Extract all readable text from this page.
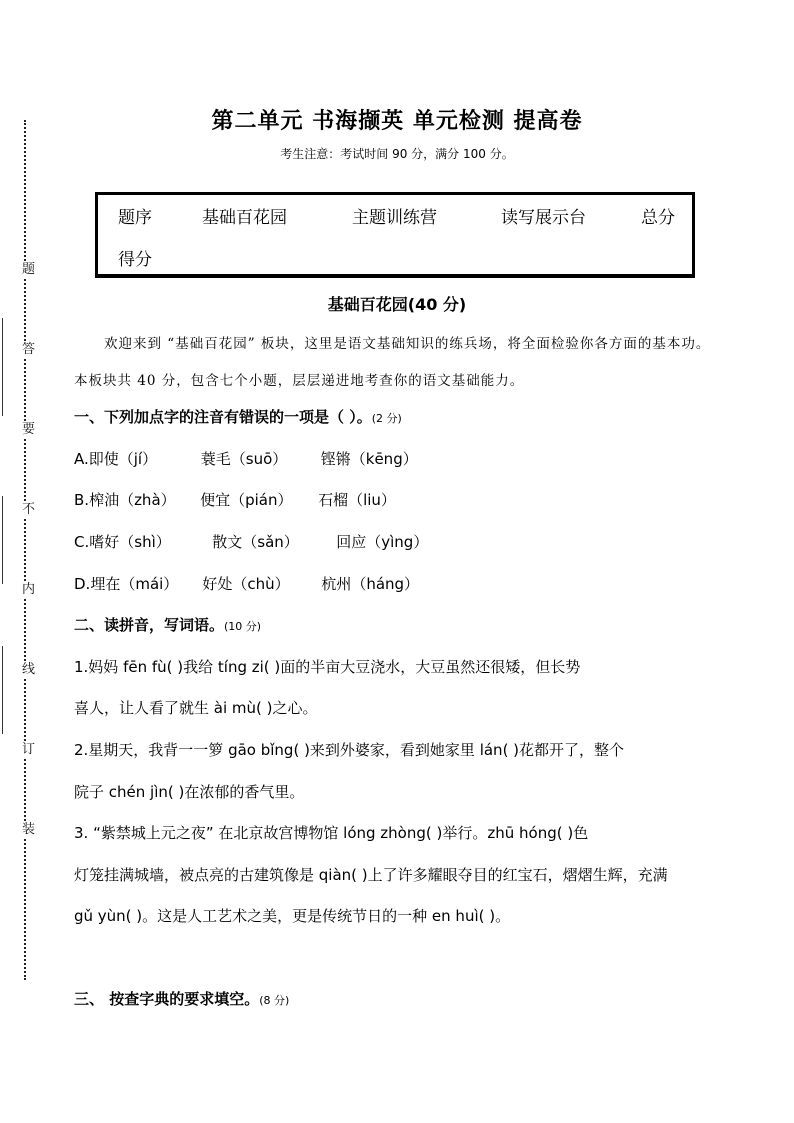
题
答
要
不
内
线
订
装
第二单元 书海撷英 单元检测 提高卷
考生注意：考试时间 90 分，满分 100 分。
题序	基础百花园	主题训练营	读写展示台	总分
得分
基础百花园(40 分)
欢迎来到 “基础百花园” 板块，这里是语文基础知识的练兵场，将全面检验你各方面的基本功。本板块共 40 分，包含七个小题，层层递进地考查你的语文基础能力。
一、下列加点字的注音有错误的一项是（ ）。(2 分)
A.即使（jí）	蓑毛（suō） 铿锵（kēng）
B.榨油（zhà） 便宜（pián） 石榴（liu）
C.嗜好（shì）	散文（sǎn） 回应（yìng）
D.埋在（mái） 好处（chù） 杭州（háng）
二、读拼音，写词语。(10 分)
1.妈妈 fēn fù( )我给 tíng zi( )面的半亩大豆浇水，大豆虽然还很矮，但长势
喜人，让人看了就生 ài mù( )之心。
2.星期天，我背一一箩 gāo bǐng( )来到外婆家，看到她家里 lán( )花都开了，整个
院子 chén jìn( )在浓郁的香气里。
3. “紫禁城上元之夜” 在北京故宫博物馆 lóng zhòng( )举行。zhū hóng( )色
灯笼挂满城墙，被点亮的古建筑像是 qiàn( )上了许多耀眼夺目的红宝石，熠熠生辉，充满
gǔ yùn( )。这是人工艺术之美，更是传统节日的一种 en huì( )。
三、 按查字典的要求填空。(8 分)
